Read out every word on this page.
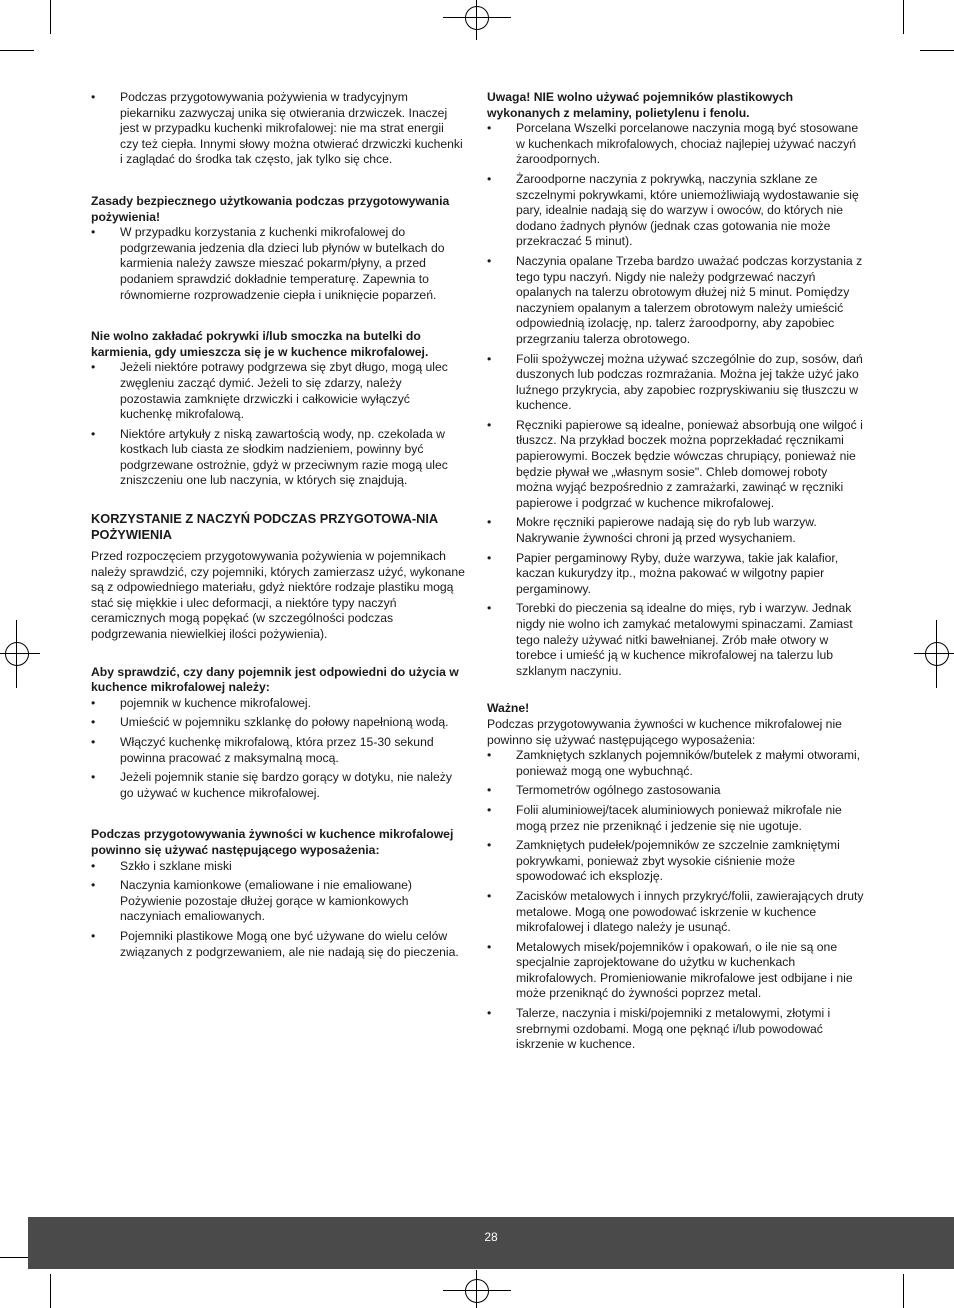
• Podczas przygotowywania pożywienia w tradycyjnym piekarniku zazwyczaj unika się otwierania drzwiczek. Inaczej jest w przypadku kuchenki mikrofalowej: nie ma strat energii czy też ciepła. Innymi słowy można otwierać drzwiczki kuchenki i zaglądać do środka tak często, jak tylko się chce.

Zasady bezpiecznego użytkowania podczas przygotowywania pożywienia!

• W przypadku korzystania z kuchenki mikrofalowej do podgrzewania jedzenia dla dzieci lub płynów w butelkach do karmienia należy zawsze mieszać pokarm/płyny, a przed podaniem sprawdzić dokładnie temperaturę. Zapewnia to równomierne rozprowadzenie ciepła i uniknięcie poparzeń.

Nie wolno zakładać pokrywki i/lub smoczka na butelki do karmienia, gdy umieszcza się je w kuchence mikrofalowej.

• Jeżeli niektóre potrawy podgrzewa się zbyt długo, mogą ulec zwęgleniu zacząć dymić. Jeżeli to się zdarzy, należy pozostawia zamknięte drzwiczki i całkowicie wyłączyć kuchenkę mikrofalową.
• Niektóre artykuły z niską zawartością wody, np. czekolada w kostkach lub ciasta ze słodkim nadzieniem, powinny być podgrzewane ostrożnie, gdyż w przeciwnym razie mogą ulec zniszczeniu one lub naczynia, w których się znajdują.

KORZYSTANIE Z NACZYŃ PODCZAS PRZYGOTOWA-NIA POŻYWIENIA

Przed rozpoczęciem przygotowywania pożywienia w pojemnikach należy sprawdzić, czy pojemniki, których zamierzasz użyć, wykonane są z odpowiedniego materiału, gdyż niektóre rodzaje plastiku mogą stać się miękkie i ulec deformacji, a niektóre typy naczyń ceramicznych mogą popękać (w szczególności podczas podgrzewania niewielkiej ilości pożywienia).

Aby sprawdzić, czy dany pojemnik jest odpowiedni do użycia w kuchence mikrofalowej należy:

• pojemnik w kuchence mikrofalowej.
• Umieścić w pojemniku szklankę do połowy napełnioną wodą.
• Włączyć kuchenkę mikrofalową, która przez 15-30 sekund powinna pracować z maksymalną mocą.
• Jeżeli pojemnik stanie się bardzo gorący w dotyku, nie należy go używać w kuchence mikrofalowej.

Podczas przygotowywania żywności w kuchence mikrofalowej powinno się używać następującego wyposażenia:

• Szkło i szklane miski
• Naczynia kamionkowe (emaliowane i nie emaliowane) Pożywienie pozostaje dłużej gorące w kamionkowych naczyniach emaliowanych.
• Pojemniki plastikowe Mogą one być używane do wielu celów związanych z podgrzewaniem, ale nie nadają się do pieczenia.

Uwaga! NIE wolno używać pojemników plastikowych wykonanych z melaminy, polietylenu i fenolu.

• Porcelana Wszelki porcelanowe naczynia mogą być stosowane w kuchenkach mikrofalowych, chociaż najlepiej używać naczyń żaroodpornych.
• Żaroodporne naczynia z pokrywką, naczynia szklane ze szczelnymi pokrywkami, które uniemożliwiają wydostawanie się pary, idealnie nadają się do warzyw i owoców, do których nie dodano żadnych płynów (jednak czas gotowania nie może przekraczać 5 minut).
• Naczynia opalane Trzeba bardzo uważać podczas korzystania z tego typu naczyń. Nigdy nie należy podgrzewać naczyń opalanych na talerzu obrotowym dłużej niż 5 minut. Pomiędzy naczyniem opalanym a talerzem obrotowym należy umieścić odpowiednią izolację, np. talerz żaroodporny, aby zapobiec przegrzaniu talerza obrotowego.
• Folii spożywczej można używać szczególnie do zup, sosów, dań duszonych lub podczas rozmrażania. Można jej także użyć jako luźnego przykrycia, aby zapobiec rozpryskiwaniu się tłuszczu w kuchence.
• Ręczniki papierowe są idealne, ponieważ absorbują one wilgoć i tłuszcz. Na przykład boczek można poprzekładać ręcznikami papierowymi. Boczek będzie wówczas chrupiący, ponieważ nie będzie pływał we „własnym sosie". Chleb domowej roboty można wyjąć bezpośrednio z zamrażarki, zawinąć w ręczniki papierowe i podgrzać w kuchence mikrofalowej.
• Mokre ręczniki papierowe nadają się do ryb lub warzyw. Nakrywanie żywności chroni ją przed wysychaniem.
• Papier pergaminowy Ryby, duże warzywa, takie jak kalafior, kaczan kukurydzy itp., można pakować w wilgotny papier pergaminowy.
• Torebki do pieczenia są idealne do mięs, ryb i warzyw. Jednak nigdy nie wolno ich zamykać metalowymi spinaczami. Zamiast tego należy używać nitki bawełnianej. Zrób małe otwory w torebce i umieść ją w kuchence mikrofalowej na talerzu lub szklanym naczyniu.

Ważne!

Podczas przygotowywania żywności w kuchence mikrofalowej nie powinno się używać następującego wyposażenia:

• Zamkniętych szklanych pojemników/butelek z małymi otworami, ponieważ mogą one wybuchnąć.
• Termometrów ogólnego zastosowania
• Folii aluminiowej/tacek aluminiowych ponieważ mikrofale nie mogą przez nie przeniknąć i jedzenie się nie ugotuje.
• Zamkniętych pudełek/pojemników ze szczelnie zamkniętymi pokrywkami, ponieważ zbyt wysokie ciśnienie może spowodować ich eksplozję.
• Zacisków metalowych i innych przykryć/folii, zawierających druty metalowe. Mogą one powodować iskrzenie w kuchence mikrofalowej i dlatego należy je usunąć.
• Metalowych misek/pojemników i opakowań, o ile nie są one specjalnie zaprojektowane do użytku w kuchenkach mikrofalowych. Promieniowanie mikrofalowe jest odbijane i nie może przeniknąć do żywności poprzez metal.
• Talerze, naczynia i miski/pojemniki z metalowymi, złotymi i srebrnymi ozdobami. Mogą one pęknąć i/lub powodować iskrzenie w kuchence.
28
